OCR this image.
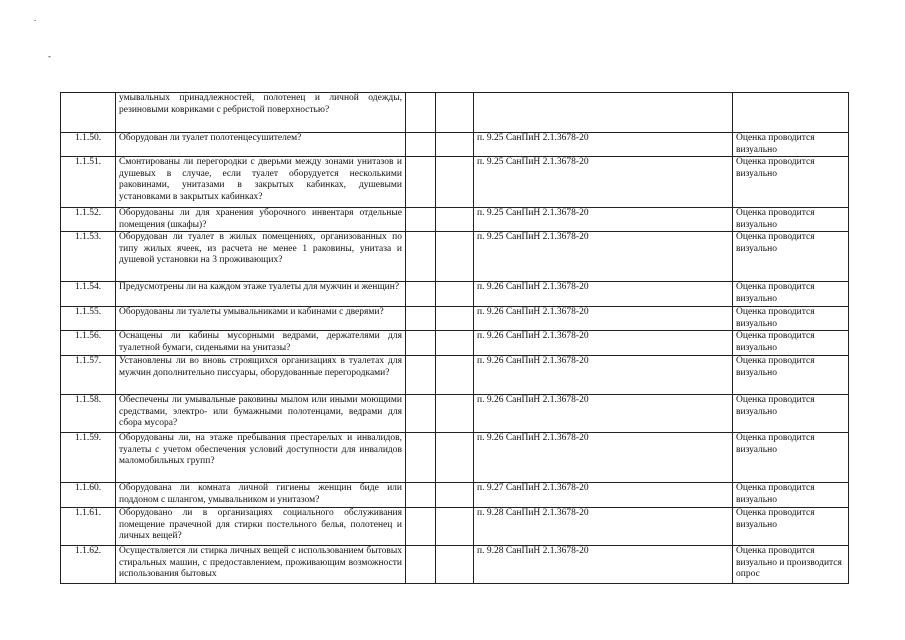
.
-
	умывальных принадлежностей, полотенец и личной одежды, резиновыми ковриками с ребристой поверхностью?				
1.1.50.	Оборудован ли туалет полотенцесушителем?			п. 9.25 СанПиН 2.1.3678-20	Оценка проводится визуально
1.1.51.	Смонтированы ли перегородки с дверьми между зонами унитазов и душевых в случае, если туалет оборудуется несколькими раковинами, унитазами в закрытых кабинках, душевыми установками в закрытых кабинках?			п. 9.25 СанПиН 2.1.3678-20	Оценка проводится визуально
1.1.52.	Оборудованы ли для хранения уборочного инвентаря отдельные помещения (шкафы)?			п. 9.25 СанПиН 2.1.3678-20	Оценка проводится визуально
1.1.53.	Оборудован ли туалет в жилых помещениях, организованных по типу жилых ячеек, из расчета не менее 1 раковины, унитаза и душевой установки на 3 проживающих?			п. 9.25 СанПиН 2.1.3678-20	Оценка проводится визуально
1.1.54.	Предусмотрены ли на каждом этаже туалеты для мужчин и женщин?			п. 9.26 СанПиН 2.1.3678-20	Оценка проводится визуально
1.1.55.	Оборудованы ли туалеты умывальниками и кабинами с дверями?			п. 9.26 СанПиН 2.1.3678-20	Оценка проводится визуально
1.1.56.	Оснащены ли кабины мусорными ведрами, держателями для туалетной бумаги, сиденьями на унитазы?			п. 9.26 СанПиН 2.1.3678-20	Оценка проводится визуально
1.1.57.	Установлены ли во вновь строящихся организациях в туалетах для мужчин дополнительно писсуары, оборудованные перегородками?			п. 9.26 СанПиН 2.1.3678-20	Оценка проводится визуально
1.1.58.	Обеспечены ли умывальные раковины мылом или иными моющими средствами, электро- или бумажными полотенцами, ведрами для сбора мусора?			п. 9.26 СанПиН 2.1.3678-20	Оценка проводится визуально
1.1.59.	Оборудованы ли, на этаже пребывания престарелых и инвалидов, туалеты с учетом обеспечения условий доступности для инвалидов маломобильных групп?			п. 9.26 СанПиН 2.1.3678-20	Оценка проводится визуально
1.1.60.	Оборудована ли комната личной гигиены женщин биде или поддоном с шлангом, умывальником и унитазом?			п. 9.27 СанПиН 2.1.3678-20	Оценка проводится визуально
1.1.61.	Оборудовано ли в организациях социального обслуживания помещение прачечной для стирки постельного белья, полотенец и личных вещей?			п. 9.28 СанПиН 2.1.3678-20	Оценка проводится визуально
1.1.62.	Осуществляется ли стирка личных вещей с использованием бытовых стиральных машин, с предоставлением, проживающим возможности использования бытовых			п. 9.28 СанПиН 2.1.3678-20	Оценка проводится визуально и производится опрос
